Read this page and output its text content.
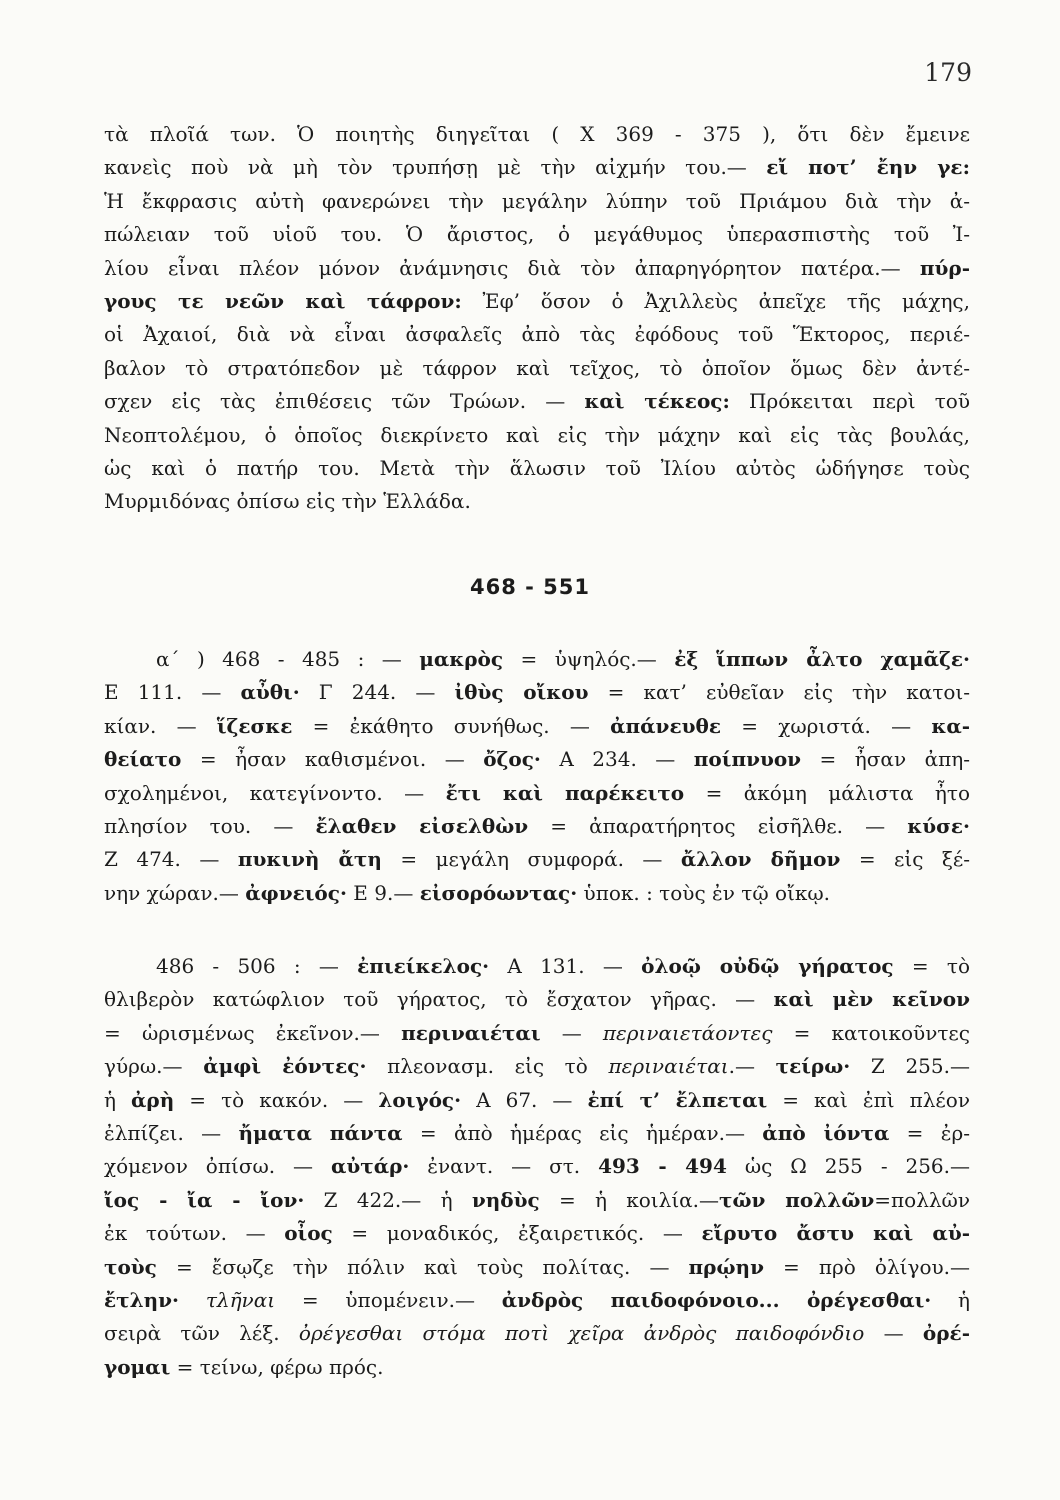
179
τὰ πλοῖά των. Ὁ ποιητὴς διηγεῖται ( Χ 369 - 375 ), ὅτι δὲν ἔμεινε
κανεὶς ποὺ νὰ μὴ τὸν τρυπήσῃ μὲ τὴν αἰχμήν του.— εἴ ποτ’ ἔην γε:
Ἡ ἔκφρασις αὐτὴ φανερώνει τὴν μεγάλην λύπην τοῦ Πριάμου διὰ τὴν ἀ-
πώλειαν τοῦ υἱοῦ του. Ὁ ἄριστος, ὁ μεγάθυμος ὑπερασπιστὴς τοῦ Ἰ-
λίου εἶναι πλέον μόνον ἀνάμνησις διὰ τὸν ἀπαρηγόρητον πατέρα.— πύρ-
γους τε νεῶν καὶ τάφρον: Ἐφ’ ὅσον ὁ Ἀχιλλεὺς ἀπεῖχε τῆς μάχης,
οἱ Ἀχαιοί, διὰ νὰ εἶναι ἀσφαλεῖς ἀπὸ τὰς ἐφόδους τοῦ Ἕκτορος, περιέ-
βαλον τὸ στρατόπεδον μὲ τάφρον καὶ τεῖχος, τὸ ὁποῖον ὅμως δὲν ἀντέ-
σχεν εἰς τὰς ἐπιθέσεις τῶν Τρώων. — καὶ τέκεος: Πρόκειται περὶ τοῦ
Νεοπτολέμου, ὁ ὁποῖος διεκρίνετο καὶ εἰς τὴν μάχην καὶ εἰς τὰς βουλάς,
ὡς καὶ ὁ πατήρ του. Μετὰ τὴν ἅλωσιν τοῦ Ἰλίου αὐτὸς ὡδήγησε τοὺς
Μυρμιδόνας ὀπίσω εἰς τὴν Ἑλλάδα.
468 - 551
α΄ ) 468 - 485 : — μακρὸς = ὑψηλός.— ἐξ ἵππων ἆλτο χαμᾶζε·
Ε 111. — αὖθι· Γ 244. — ἰθὺς οἴκου = κατ’ εὐθεῖαν εἰς τὴν κατοι-
κίαν. — ἵζεσκε = ἐκάθητο συνήθως. — ἀπάνευθε = χωριστά. — κα-
θείατο = ἦσαν καθισμένοι. — ὄζος· Α 234. — ποίπνυον = ἦσαν ἀπη-
σχολημένοι, κατεγίνοντο. — ἔτι καὶ παρέκειτο = ἀκόμη μάλιστα ἦτο
πλησίον του. — ἔλαθεν εἰσελθὼν = ἀπαρατήρητος εἰσῆλθε. — κύσε·
Ζ 474. — πυκινὴ ἄτη = μεγάλη συμφορά. — ἄλλον δῆμον = εἰς ξέ-
νην χώραν.— ἀφνειός· Ε 9.— εἰσορόωντας· ὑποκ. : τοὺς ἐν τῷ οἴκῳ.
486 - 506 : — ἐπιείκελος· Α 131. — ὀλοῷ οὐδῷ γήρατος = τὸ
θλιβερὸν κατώφλιον τοῦ γήρατος, τὸ ἔσχατον γῆρας. — καὶ μὲν κεῖνον
= ὡρισμένως ἐκεῖνον.— περιναιέται — περιναιετάοντες = κατοικοῦντες
γύρω.— ἀμφὶ ἐόντες· πλεονασμ. εἰς τὸ περιναιέται.— τείρω· Ζ 255.—
ἡ ἀρὴ = τὸ κακόν. — λοιγός· Α 67. — ἐπί τ’ ἔλπεται = καὶ ἐπὶ πλέον
ἐλπίζει. — ἤματα πάντα = ἀπὸ ἡμέρας εἰς ἡμέραν.— ἀπὸ ἰόντα = ἐρ-
χόμενον ὀπίσω. — αὐτάρ· ἐναντ. — στ. 493 - 494 ὡς Ω 255 - 256.—
ἴος - ἴα - ἴον· Ζ 422.— ἡ νηδὺς = ἡ κοιλία.—τῶν πολλῶν=πολλῶν
ἐκ τούτων. — οἶος = μοναδικός, ἐξαιρετικός. — εἴρυτο ἄστυ καὶ αὐ-
τοὺς = ἔσῳζε τὴν πόλιν καὶ τοὺς πολίτας. — πρῴην = πρὸ ὀλίγου.—
ἔτλην· τλῆναι = ὑπομένειν.— ἀνδρὸς παιδοφόνοιο... ὀρέγεσθαι· ἡ
σειρὰ τῶν λέξ. ὀρέγεσθαι στόμα ποτὶ χεῖρα ἀνδρὸς παιδοφόνδιο — ὀρέ-
γομαι = τείνω, φέρω πρός.
